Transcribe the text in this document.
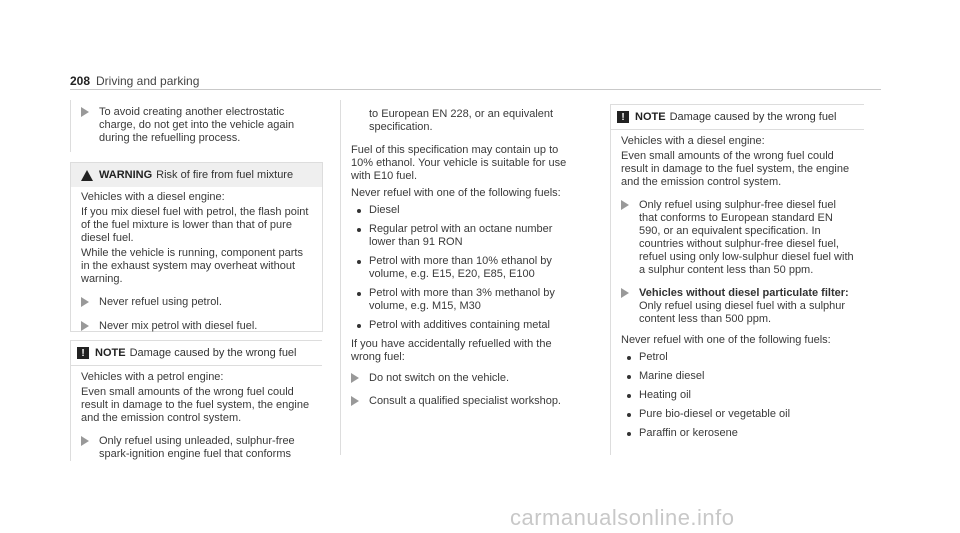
208 Driving and parking
To avoid creating another electrostatic charge, do not get into the vehicle again during the refuelling process.
WARNING Risk of fire from fuel mixture

Vehicles with a diesel engine:

If you mix diesel fuel with petrol, the flash point of the fuel mixture is lower than that of pure diesel fuel.

While the vehicle is running, component parts in the exhaust system may overheat without warning.

Never refuel using petrol.
Never mix petrol with diesel fuel.
! NOTE Damage caused by the wrong fuel

Vehicles with a petrol engine:

Even small amounts of the wrong fuel could result in damage to the fuel system, the engine and the emission control system.

Only refuel using unleaded, sulphur-free spark-ignition engine fuel that conforms
to European EN 228, or an equivalent specification.

Fuel of this specification may contain up to 10% ethanol. Your vehicle is suitable for use with E10 fuel.

Never refuel with one of the following fuels:

Diesel
Regular petrol with an octane number lower than 91 RON
Petrol with more than 10% ethanol by volume, e.g. E15, E20, E85, E100
Petrol with more than 3% methanol by volume, e.g. M15, M30
Petrol with additives containing metal

If you have accidentally refuelled with the wrong fuel:

Do not switch on the vehicle.
Consult a qualified specialist workshop.
! NOTE Damage caused by the wrong fuel

Vehicles with a diesel engine:

Even small amounts of the wrong fuel could result in damage to the fuel system, the engine and the emission control system.

Only refuel using sulphur-free diesel fuel that conforms to European standard EN 590, or an equivalent specification. In countries without sulphur-free diesel fuel, refuel using only low-sulphur diesel fuel with a sulphur content less than 50 ppm.
Vehicles without diesel particulate filter:
Only refuel using diesel fuel with a sulphur content less than 500 ppm.

Never refuel with one of the following fuels:

Petrol
Marine diesel
Heating oil
Pure bio-diesel or vegetable oil
Paraffin or kerosene
carmanualsonline.info
